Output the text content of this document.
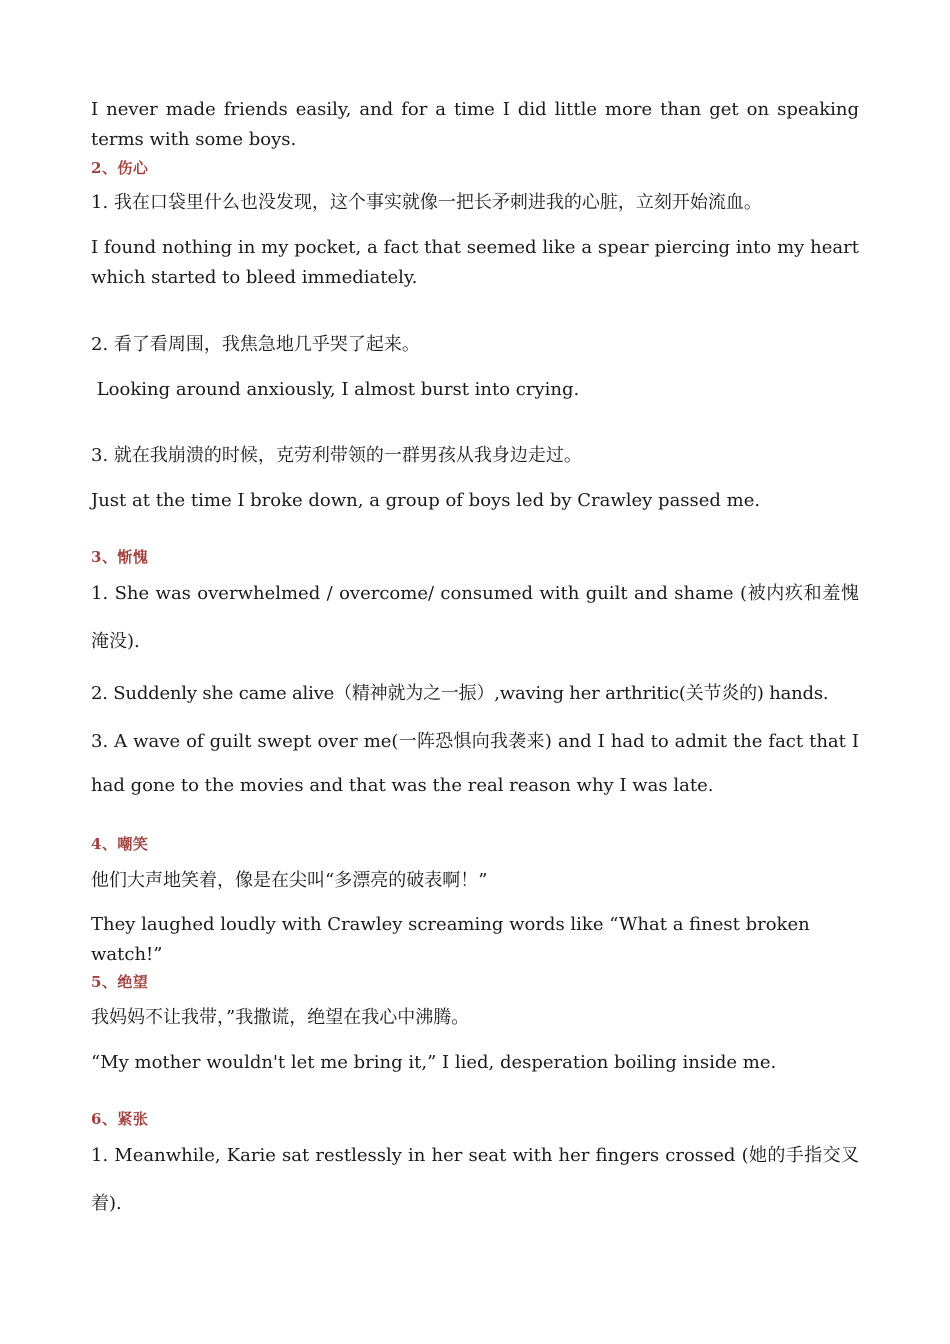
I never made friends easily, and for a time I did little more than get on speaking terms with some boys.

2、伤心

1. 我在口袋里什么也没发现，这个事实就像一把长矛刺进我的心脏，立刻开始流血。

I found nothing in my pocket, a fact that seemed like a spear piercing into my heart which started to bleed immediately.

2. 看了看周围，我焦急地几乎哭了起来。

Looking around anxiously, I almost burst into crying.

3. 就在我崩溃的时候，克劳利带领的一群男孩从我身边走过。

Just at the time I broke down, a group of boys led by Crawley passed me.

3、惭愧

1. She was overwhelmed / overcome/ consumed with guilt and shame (被内疚和羞愧淹没).

2. Suddenly she came alive（精神就为之一振）,waving her arthritic(关节炎的) hands.

3. A wave of guilt swept over me(一阵恐惧向我袭来) and I had to admit the fact that I had gone to the movies and that was the real reason why I was late.

4、嘲笑

他们大声地笑着，像是在尖叫“多漂亮的破表啊！”

They laughed loudly with Crawley screaming words like “What a finest broken watch!”

5、绝望

我妈妈不让我带，”我撒谎，绝望在我心中沸腾。

“My mother wouldn't let me bring it,” I lied, desperation boiling inside me.

6、紧张

1. Meanwhile, Karie sat restlessly in her seat with her fingers crossed (她的手指交叉着).
